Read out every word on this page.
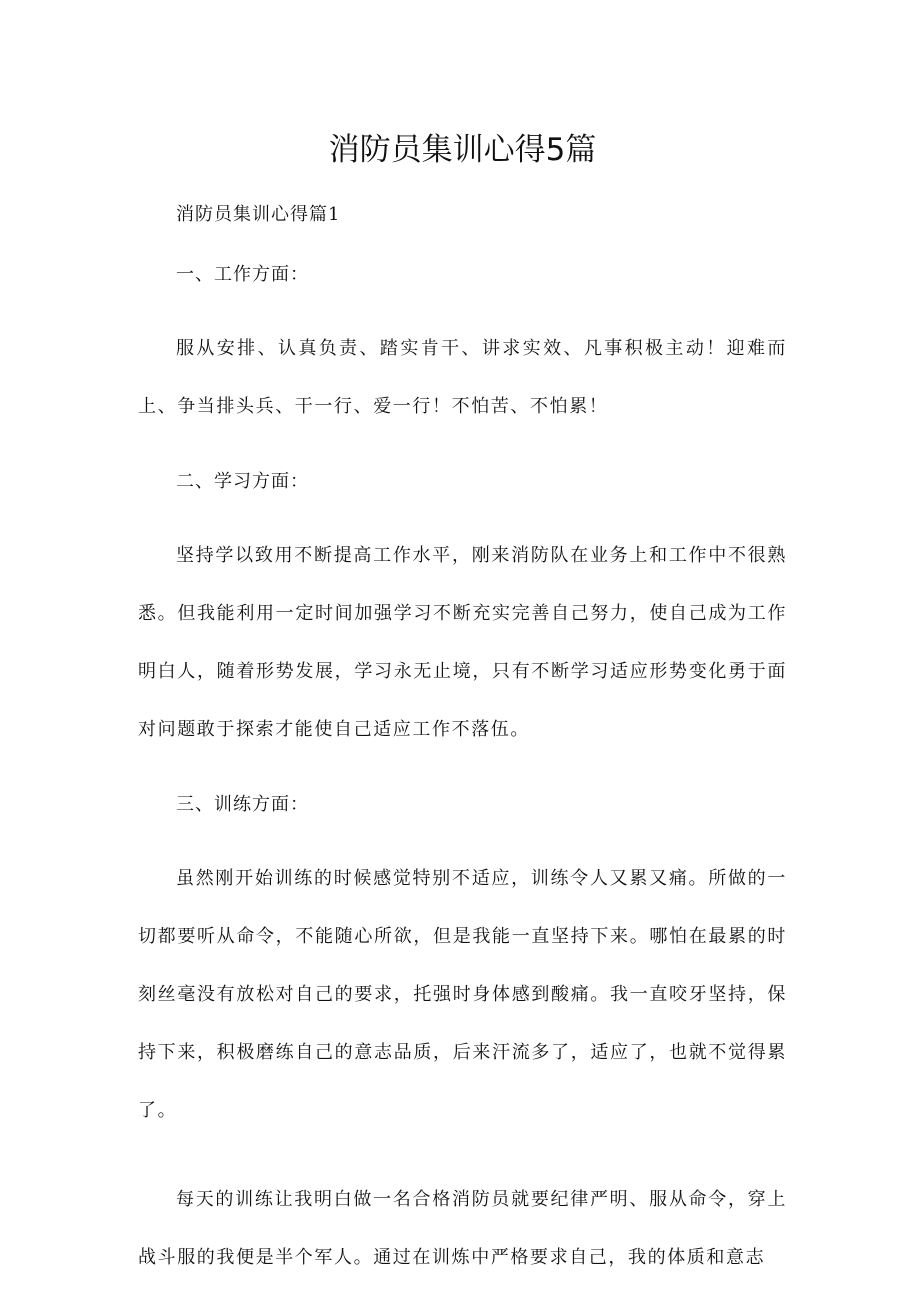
消防员集训心得5篇

消防员集训心得篇1

一、工作方面：

服从安排、认真负责、踏实肯干、讲求实效、凡事积极主动！迎难而上、争当排头兵、干一行、爱一行！不怕苦、不怕累！

二、学习方面：

坚持学以致用不断提高工作水平，刚来消防队在业务上和工作中不很熟悉。但我能利用一定时间加强学习不断充实完善自己努力，使自己成为工作明白人，随着形势发展，学习永无止境，只有不断学习适应形势变化勇于面对问题敢于探索才能使自己适应工作不落伍。

三、训练方面：

虽然刚开始训练的时候感觉特别不适应，训练令人又累又痛。所做的一切都要听从命令，不能随心所欲，但是我能一直坚持下来。哪怕在最累的时刻丝毫没有放松对自己的要求，托强时身体感到酸痛。我一直咬牙坚持，保持下来，积极磨练自己的意志品质，后来汗流多了，适应了，也就不觉得累了。

每天的训练让我明白做一名合格消防员就要纪律严明、服从命令，穿上战斗服的我便是半个军人。通过在训炼中严格要求自己，我的体质和意志
